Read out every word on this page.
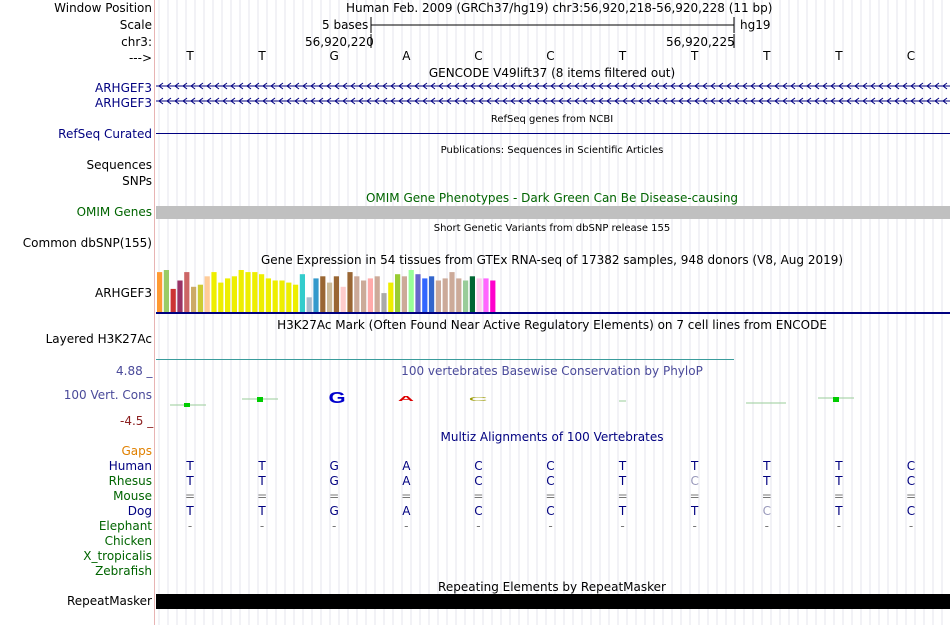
Window Position
Scale
chr3:
--->
Human Feb. 2009 (GRCh37/hg19) chr3:56,920,218-56,920,228 (11 bp)
5 bases	hg19
56,920,220	56,920,225
T	T	G	A	C	C	T	T	T	T	C
GENCODE V49lift37 (8 items filtered out)
ARHGEF3
ARHGEF3
RefSeq genes from NCBI
RefSeq Curated
Publications: Sequences in Scientific Articles
Sequences
SNPs
OMIM Gene Phenotypes - Dark Green Can Be Disease-causing
OMIM Genes
Short Genetic Variants from dbSNP release 155
Common dbSNP(155)
Gene Expression in 54 tissues from GTEx RNA-seq of 17382 samples, 948 donors (V8, Aug 2019)
ARHGEF3
H3K27Ac Mark (Often Found Near Active Regulatory Elements) on 7 cell lines from ENCODE
Layered H3K27Ac
100 vertebrates Basewise Conservation by PhyloP
4.88 _
100 Vert. Cons
-4.5 _
G	A	C
Multiz Alignments of 100 Vertebrates
Gaps
Human	T	T	G	A	C	C	T	T	T	T	C
Rhesus	T	T	G	A	C	C	T	C	T	T	C
Mouse	=	=	=	=	=	=	=	=	=	=	=
Dog	T	T	G	A	C	C	T	T	C	T	C
Elephant	-	-	-	-	-	-	-	-	-	-	-
Chicken
X_tropicalis
Zebrafish
Repeating Elements by RepeatMasker
RepeatMasker
